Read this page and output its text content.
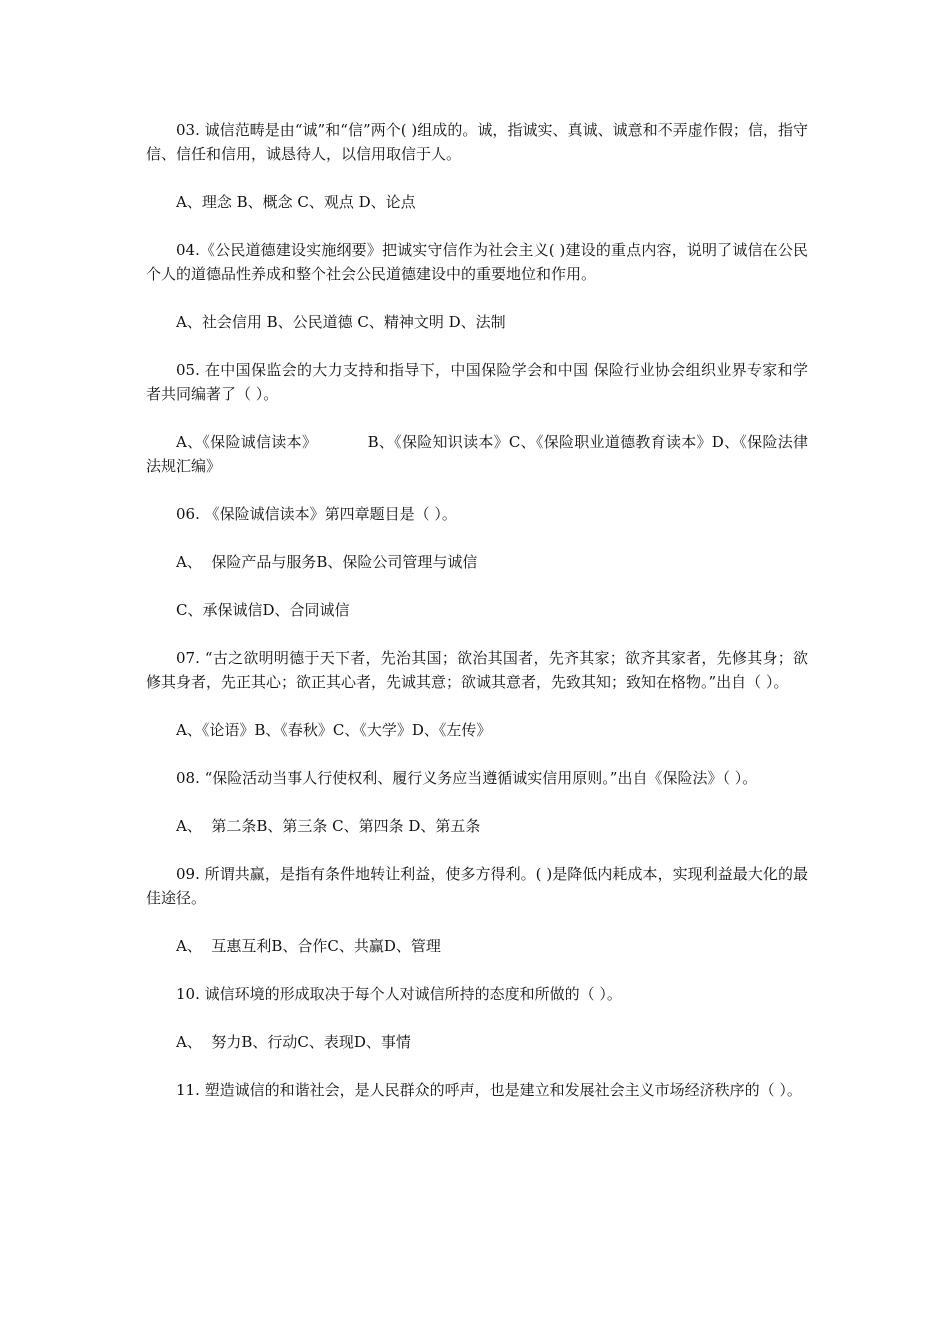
03. 诚信范畴是由“诚”和“信”两个( )组成的。诚，指诚实、真诚、诚意和不弄虚作假；信，指守信、信任和信用，诚恳待人，以信用取信于人。

A、理念 B、概念 C、观点 D、论点

04.《公民道德建设实施纲要》把诚实守信作为社会主义( )建设的重点内容，说明了诚信在公民个人的道德品性养成和整个社会公民道德建设中的重要地位和作用。

A、社会信用 B、公民道德 C、精神文明 D、法制

05. 在中国保监会的大力支持和指导下，中国保险学会和中国 保险行业协会组织业界专家和学者共同编著了（ ）。

A、《保险诚信读本》          B、《保险知识读本》C、《保险职业道德教育读本》D、《保险法律法规汇编》

06. 《保险诚信读本》第四章题目是（ ）。

A、  保险产品与服务B、保险公司管理与诚信

C、承保诚信D、合同诚信

07. “古之欲明明德于天下者，先治其国；欲治其国者，先齐其家；欲齐其家者，先修其身；欲修其身者，先正其心；欲正其心者，先诚其意；欲诚其意者，先致其知；致知在格物。”出自（ ）。

A、《论语》B、《春秋》C、《大学》D、《左传》

08. “保险活动当事人行使权利、履行义务应当遵循诚实信用原则。”出自《保险法》（ ）。

A、  第二条B、第三条 C、第四条 D、第五条

09. 所谓共赢，是指有条件地转让利益，使多方得利。( )是降低内耗成本，实现利益最大化的最佳途径。

A、  互惠互利B、合作C、共赢D、管理

10. 诚信环境的形成取决于每个人对诚信所持的态度和所做的（ ）。

A、  努力B、行动C、表现D、事情

11. 塑造诚信的和谐社会，是人民群众的呼声，也是建立和发展社会主义市场经济秩序的（ ）。
